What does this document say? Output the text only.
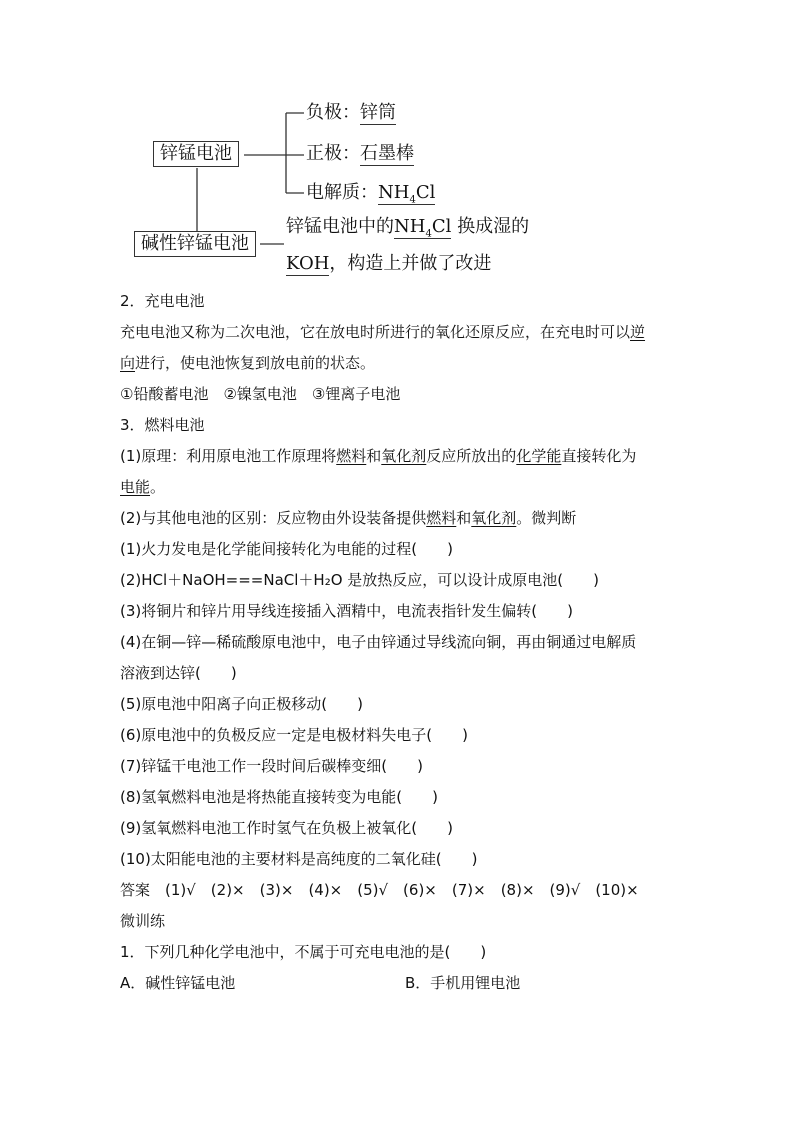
锌锰电池
碱性锌锰电池
负极：锌筒
正极：石墨棒
电解质：$NH_4Cl$
锌锰电池中的$NH_4Cl$ 换成湿的
KOH，构造上并做了改进
2．充电电池
充电电池又称为二次电池，它在放电时所进行的氧化还原反应，在充电时可以逆
向进行，使电池恢复到放电前的状态。
①铅酸蓄电池　②镍氢电池　③锂离子电池
3．燃料电池
(1)原理：利用原电池工作原理将燃料和氧化剂反应所放出的化学能直接转化为
电能。
(2)与其他电池的区别：反应物由外设装备提供燃料和氧化剂。微判断
(1)火力发电是化学能间接转化为电能的过程(　　)
(2)HCl＋NaOH===NaCl＋H₂O 是放热反应，可以设计成原电池(　　)
(3)将铜片和锌片用导线连接插入酒精中，电流表指针发生偏转(　　)
(4)在铜—锌—稀硫酸原电池中，电子由锌通过导线流向铜，再由铜通过电解质
溶液到达锌(　　)
(5)原电池中阳离子向正极移动(　　)
(6)原电池中的负极反应一定是电极材料失电子(　　)
(7)锌锰干电池工作一段时间后碳棒变细(　　)
(8)氢氧燃料电池是将热能直接转变为电能(　　)
(9)氢氧燃料电池工作时氢气在负极上被氧化(　　)
(10)太阳能电池的主要材料是高纯度的二氧化硅(　　)
答案　(1)√　(2)×　(3)×　(4)×　(5)√　(6)×　(7)×　(8)×　(9)√　(10)×
微训练
1．下列几种化学电池中，不属于可充电电池的是(　　)
A．碱性锌锰电池	B．手机用锂电池
